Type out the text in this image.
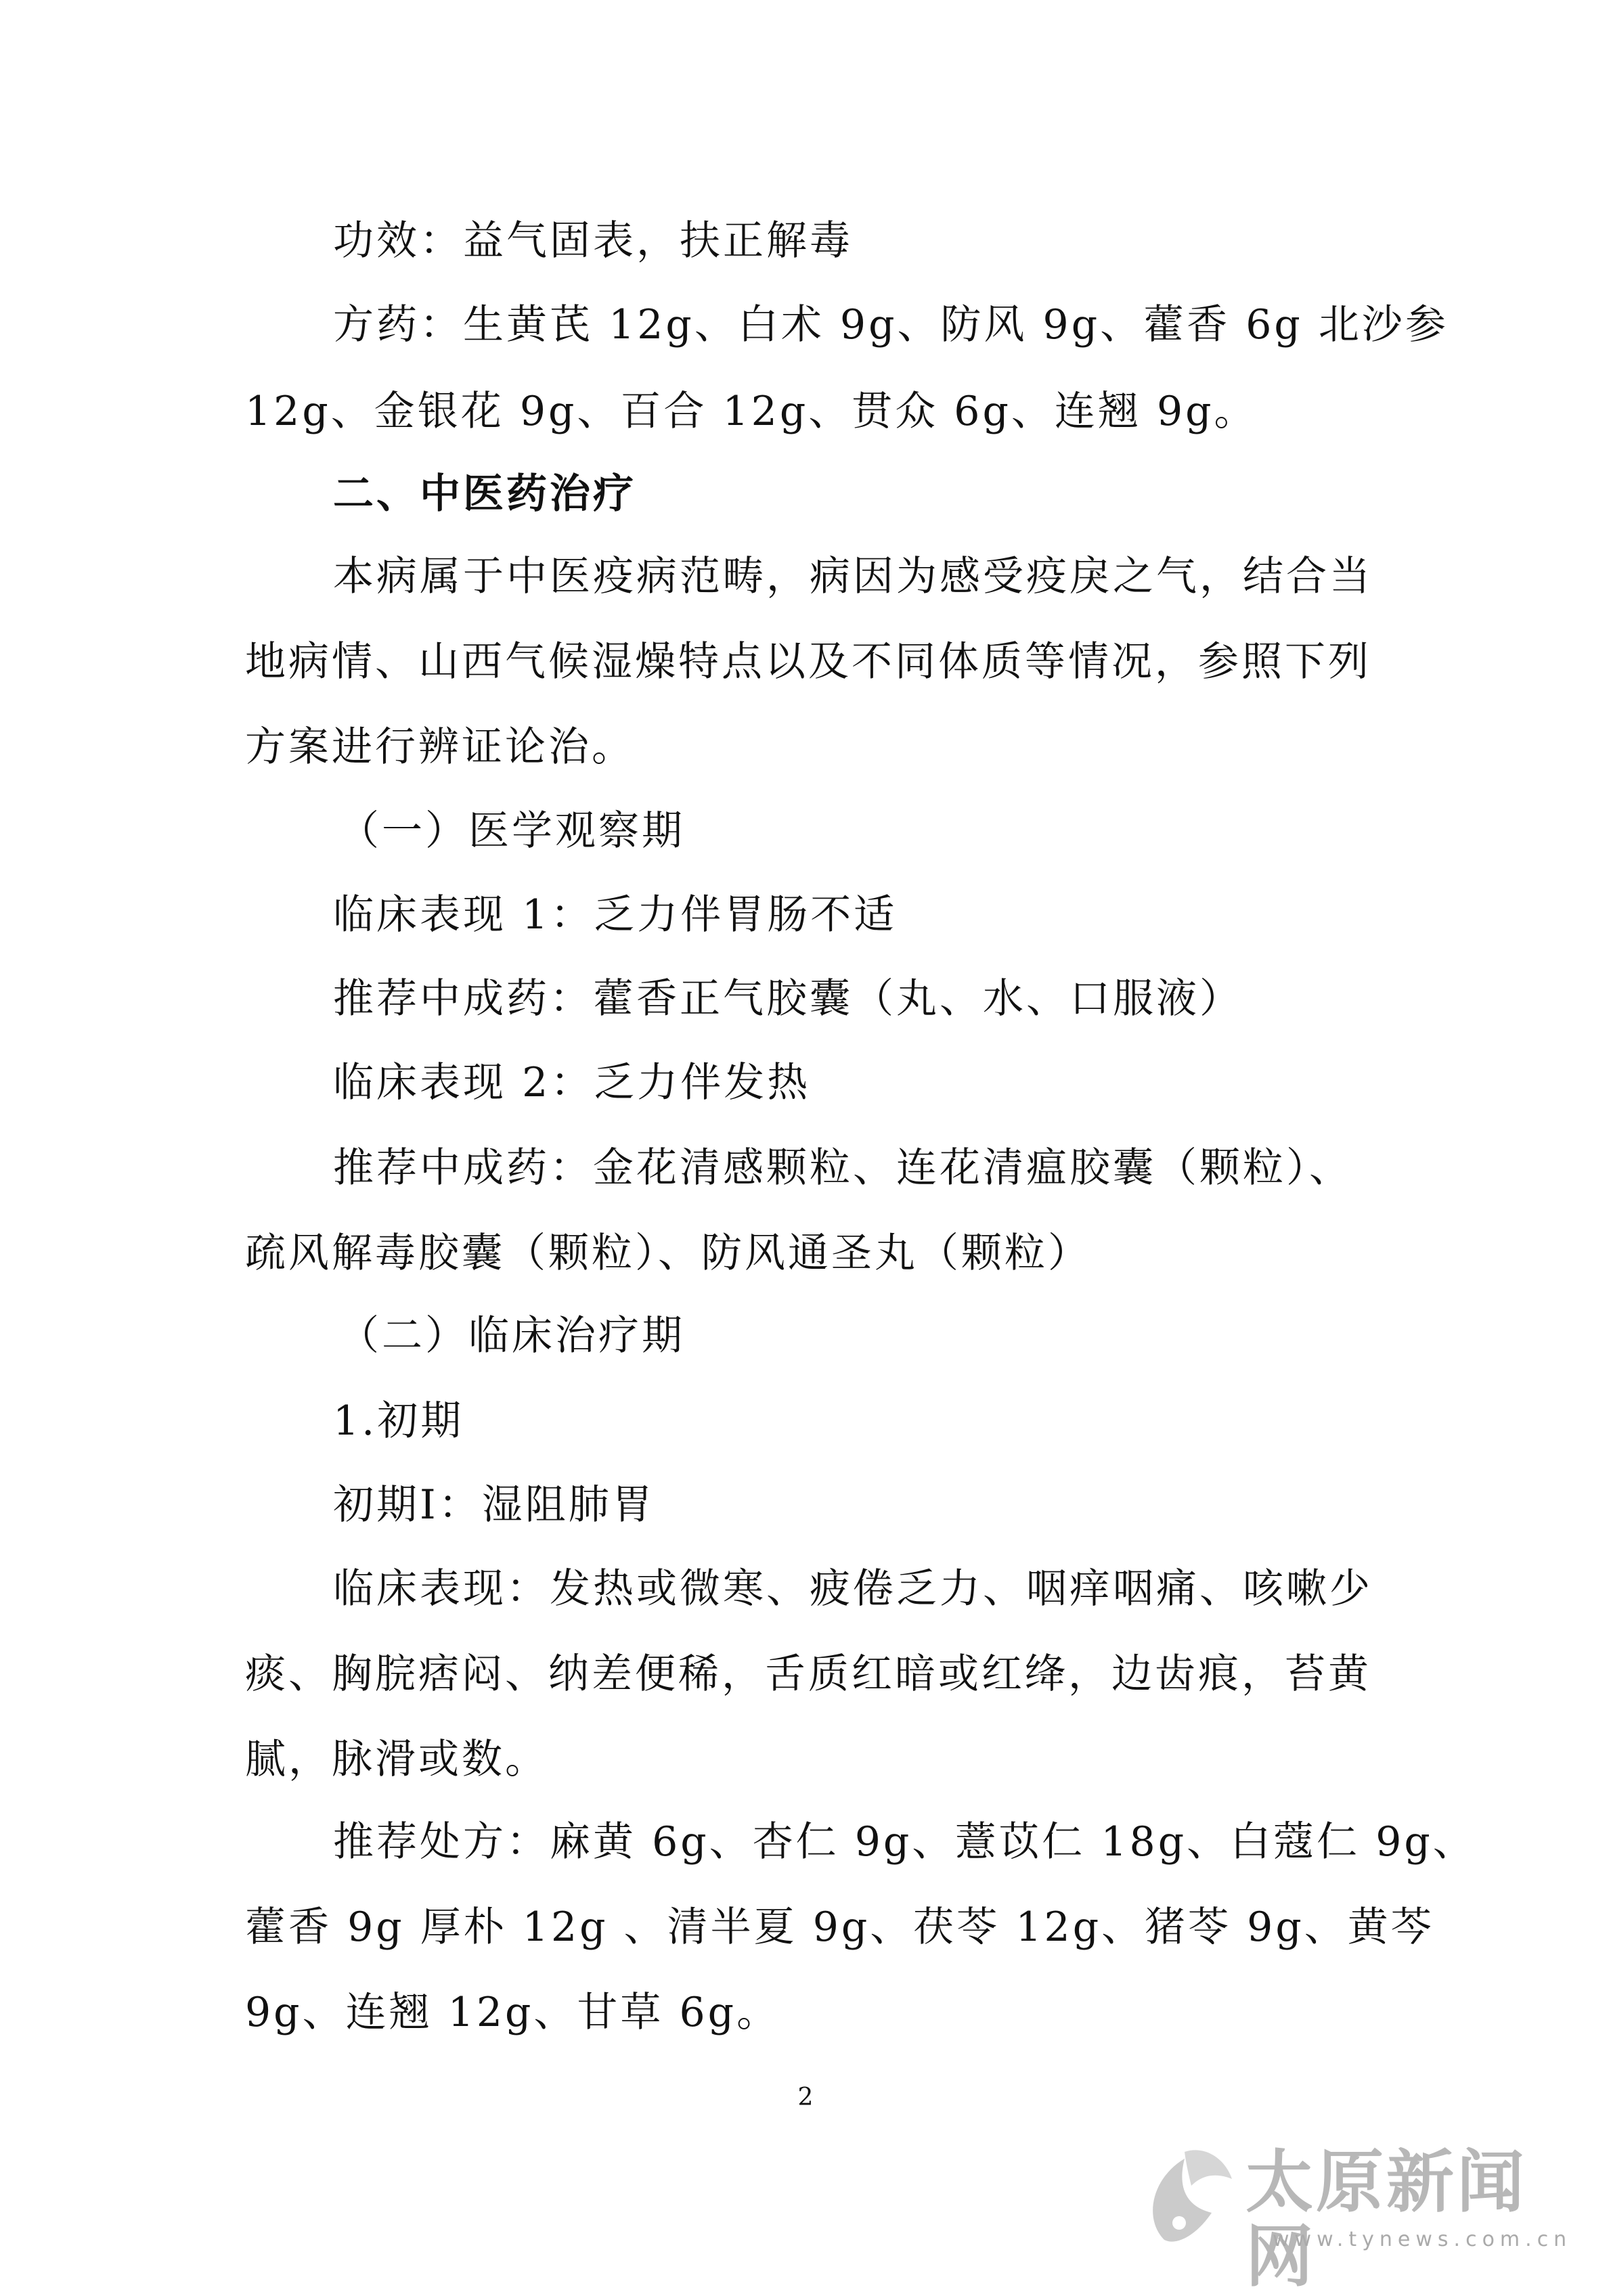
功效：益气固表，扶正解毒

方药：生黄芪 12g、白术 9g、防风 9g、藿香 6g 北沙参

12g、金银花 9g、百合 12g、贯众 6g、连翘 9g。

二、中医药治疗

本病属于中医疫病范畴，病因为感受疫戾之气，结合当

地病情、山西气候湿燥特点以及不同体质等情况，参照下列

方案进行辨证论治。

（一）医学观察期

临床表现 1：乏力伴胃肠不适

推荐中成药：藿香正气胶囊（丸、水、口服液）

临床表现 2：乏力伴发热

推荐中成药：金花清感颗粒、连花清瘟胶囊（颗粒）、

疏风解毒胶囊（颗粒）、防风通圣丸（颗粒）

（二）临床治疗期

1.初期

初期Ⅰ：湿阻肺胃

临床表现：发热或微寒、疲倦乏力、咽痒咽痛、咳嗽少

痰、胸脘痞闷、纳差便稀，舌质红暗或红绛，边齿痕，苔黄

腻，脉滑或数。

推荐处方：麻黄 6g、杏仁 9g、薏苡仁 18g、白蔻仁 9g、

藿香 9g 厚朴 12g 、清半夏 9g、茯苓 12g、猪苓 9g、黄芩

9g、连翘 12g、甘草 6g。

2
太原新闻网
www.tynews.com.cn
